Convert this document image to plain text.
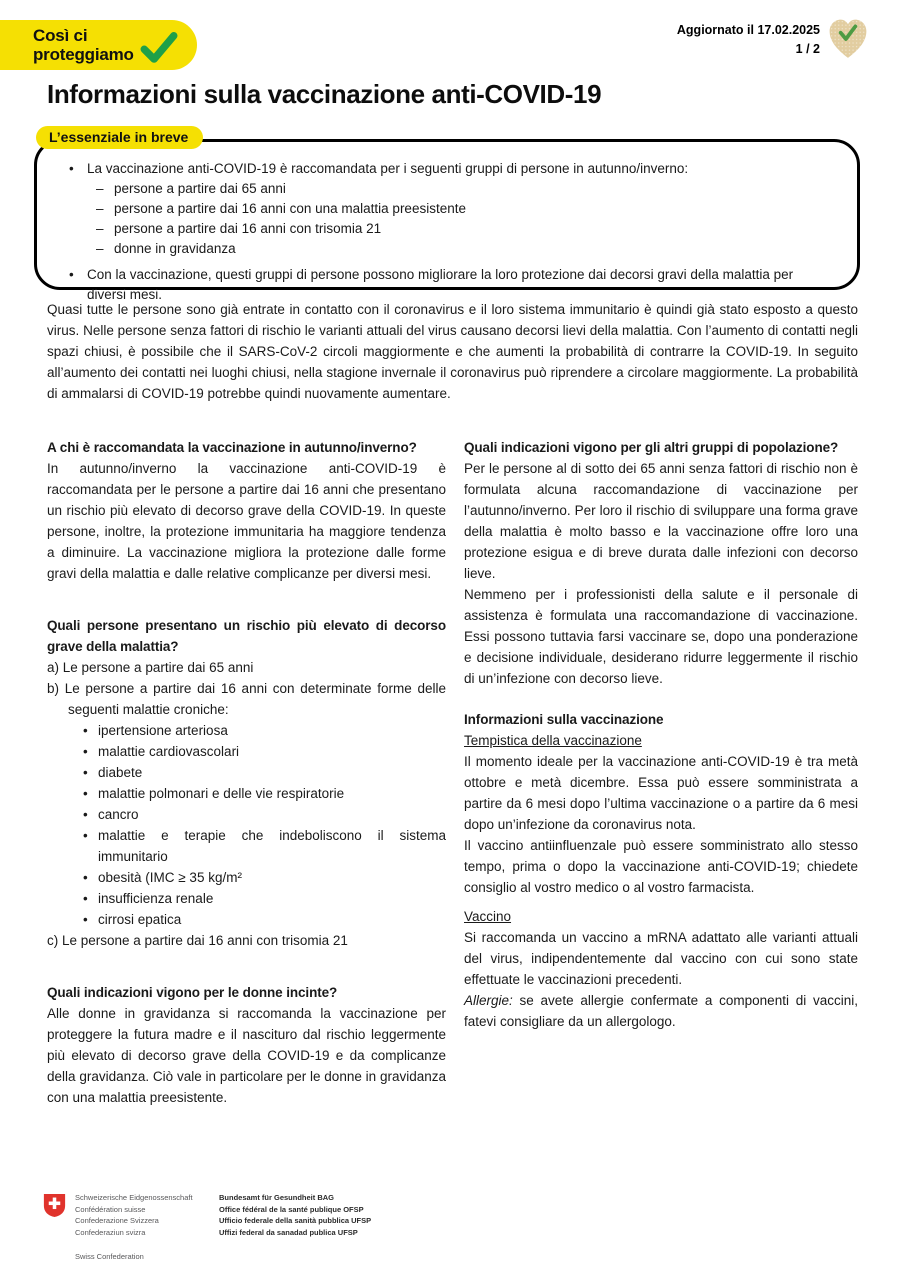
Così ci
proteggiamo
Aggiornato il 17.02.2025
1 / 2
Informazioni sulla vaccinazione anti-COVID-19
L’essenziale in breve
• La vaccinazione anti-COVID-19 è raccomandata per i seguenti gruppi di persone in autunno/inverno:
– persone a partire dai 65 anni
– persone a partire dai 16 anni con una malattia preesistente
– persone a partire dai 16 anni con trisomia 21
– donne in gravidanza
• Con la vaccinazione, questi gruppi di persone possono migliorare la loro protezione dai decorsi gravi della malattia per diversi mesi.
Quasi tutte le persone sono già entrate in contatto con il coronavirus e il loro sistema immunitario è quindi già stato esposto a questo virus. Nelle persone senza fattori di rischio le varianti attuali del virus causano decorsi lievi della malattia. Con l’aumento di contatti negli spazi chiusi, è possibile che il SARS-CoV-2 circoli maggiormente e che aumenti la probabilità di contrarre la COVID-19. In seguito all’aumento dei contatti nei luoghi chiusi, nella stagione invernale il coronavirus può riprendere a circolare maggiormente. La probabilità di ammalarsi di COVID-19 potrebbe quindi nuovamente aumentare.
A chi è raccomandata la vaccinazione in autunno/inverno?

In autunno/inverno la vaccinazione anti-COVID-19 è raccomandata per le persone a partire dai 16 anni che presentano un rischio più elevato di decorso grave della COVID-19. In queste persone, inoltre, la protezione immunitaria ha maggiore tendenza a diminuire. La vaccinazione migliora la protezione dalle forme gravi della malattia e dalle relative complicanze per diversi mesi.

Quali persone presentano un rischio più elevato di decorso grave della malattia?
a) Le persone a partire dai 65 anni
b) Le persone a partire dai 16 anni con determinate forme delle seguenti malattie croniche:
• ipertensione arteriosa
• malattie cardiovascolari
• diabete
• malattie polmonari e delle vie respiratorie
• cancro
• malattie e terapie che indeboliscono il sistema immunitario
• obesità (IMC ≥ 35 kg/m²
• insufficienza renale
• cirrosi epatica
c) Le persone a partire dai 16 anni con trisomia 21
Quali indicazioni vigono per le donne incinte?

Alle donne in gravidanza si raccomanda la vaccinazione per proteggere la futura madre e il nascituro dal rischio leggermente più elevato di decorso grave della COVID-19 e da complicanze della gravidanza. Ciò vale in particolare per le donne in gravidanza con una malattia preesistente.

Quali indicazioni vigono per gli altri gruppi di popolazione?

Per le persone al di sotto dei 65 anni senza fattori di rischio non è formulata alcuna raccomandazione di vaccinazione per l’autunno/inverno. Per loro il rischio di sviluppare una forma grave della malattia è molto basso e la vaccinazione offre loro una protezione esigua e di breve durata dalle infezioni con decorso lieve.

Nemmeno per i professionisti della salute e il personale di assistenza è formulata una raccomandazione di vaccinazione. Essi possono tuttavia farsi vaccinare se, dopo una ponderazione e decisione individuale, desiderano ridurre leggermente il rischio di un’infezione con decorso lieve.

Informazioni sulla vaccinazione
Tempistica della vaccinazione

Il momento ideale per la vaccinazione anti-COVID-19 è tra metà ottobre e metà dicembre. Essa può essere somministrata a partire da 6 mesi dopo l’ultima vaccinazione o a partire da 6 mesi dopo un’infezione da coronavirus nota.

Il vaccino antiinfluenzale può essere somministrato allo stesso tempo, prima o dopo la vaccinazione anti-COVID-19; chiedete consiglio al vostro medico o al vostro farmacista.

Vaccino

Si raccomanda un vaccino a mRNA adattato alle varianti attuali del virus, indipendentemente dal vaccino con cui sono state effettuate le vaccinazioni precedenti.

Allergie: se avete allergie confermate a componenti di vaccini, fatevi consigliare da un allergologo.

Schweizerische Eidgenossenschaft
Confédération suisse
Confederazione Svizzera
Confederaziun svizra
Swiss Confederation
Bundesamt für Gesundheit BAG
Office fédéral de la santé publique OFSP
Ufficio federale della sanità pubblica UFSP
Uffizi federal da sanadad publica UFSP
